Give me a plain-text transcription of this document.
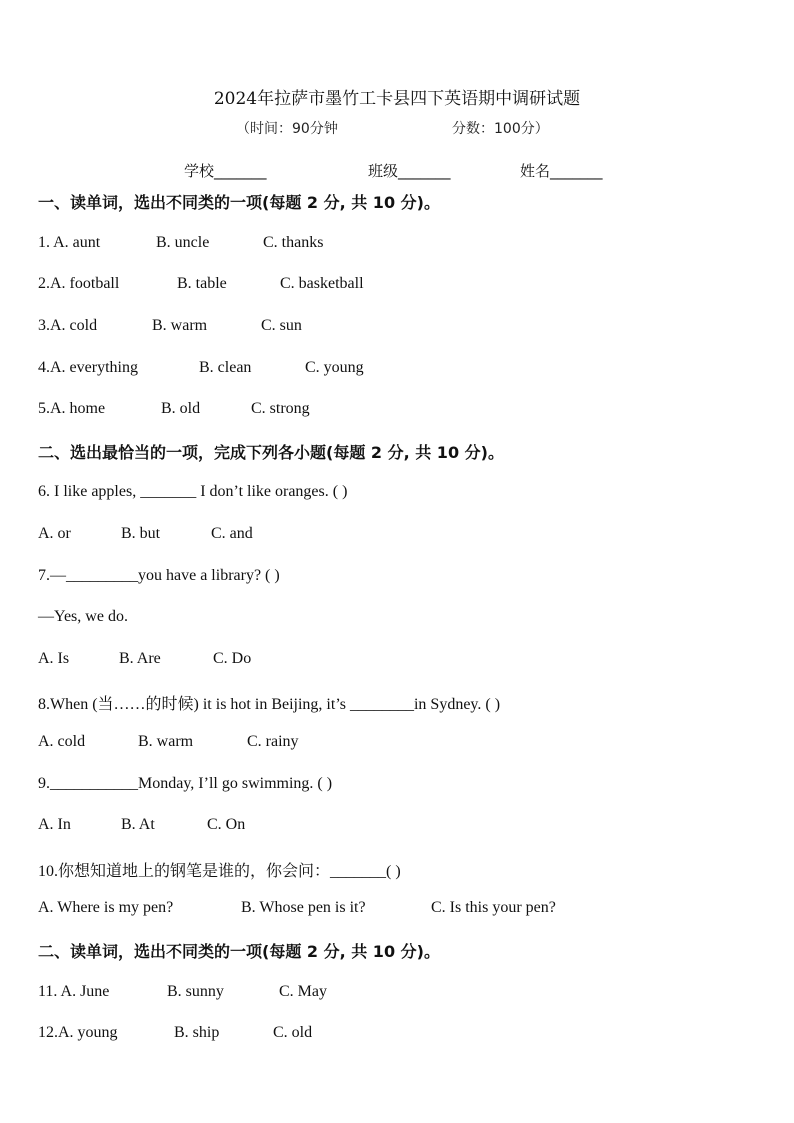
2024年拉萨市墨竹工卡县四下英语期中调研试题
（时间：90分钟	分数：100分）
学校_______	班级_______	姓名_______
一、读单词，选出不同类的一项(每题 2 分, 共 10 分)。
1. A. aunt	B. uncle	C. thanks
2.A. football	B. table	C. basketball
3.A. cold	B. warm	C. sun
4.A. everything	B. clean	C. young
5.A. home	B. old	C. strong
二、选出最恰当的一项，完成下列各小题(每题 2 分, 共 10 分)。
6. I like apples, _______ I don’t like oranges. ( )
A. or	B. but	C. and
7.—_________you have a library? ( )
—Yes, we do.
A. Is	B. Are	C. Do
8.When (当……的时候) it is hot in Beijing, it’s ________in Sydney. ( )
A. cold	B. warm	C. rainy
9.___________Monday, I’ll go swimming. ( )
A. In	B. At	C. On
10.你想知道地上的钢笔是谁的，你会问：_______( )
A. Where is my pen?	B. Whose pen is it?	C. Is this your pen?
二、读单词，选出不同类的一项(每题 2 分, 共 10 分)。
11. A. June	B. sunny	C. May
12.A. young	B. ship	C. old
